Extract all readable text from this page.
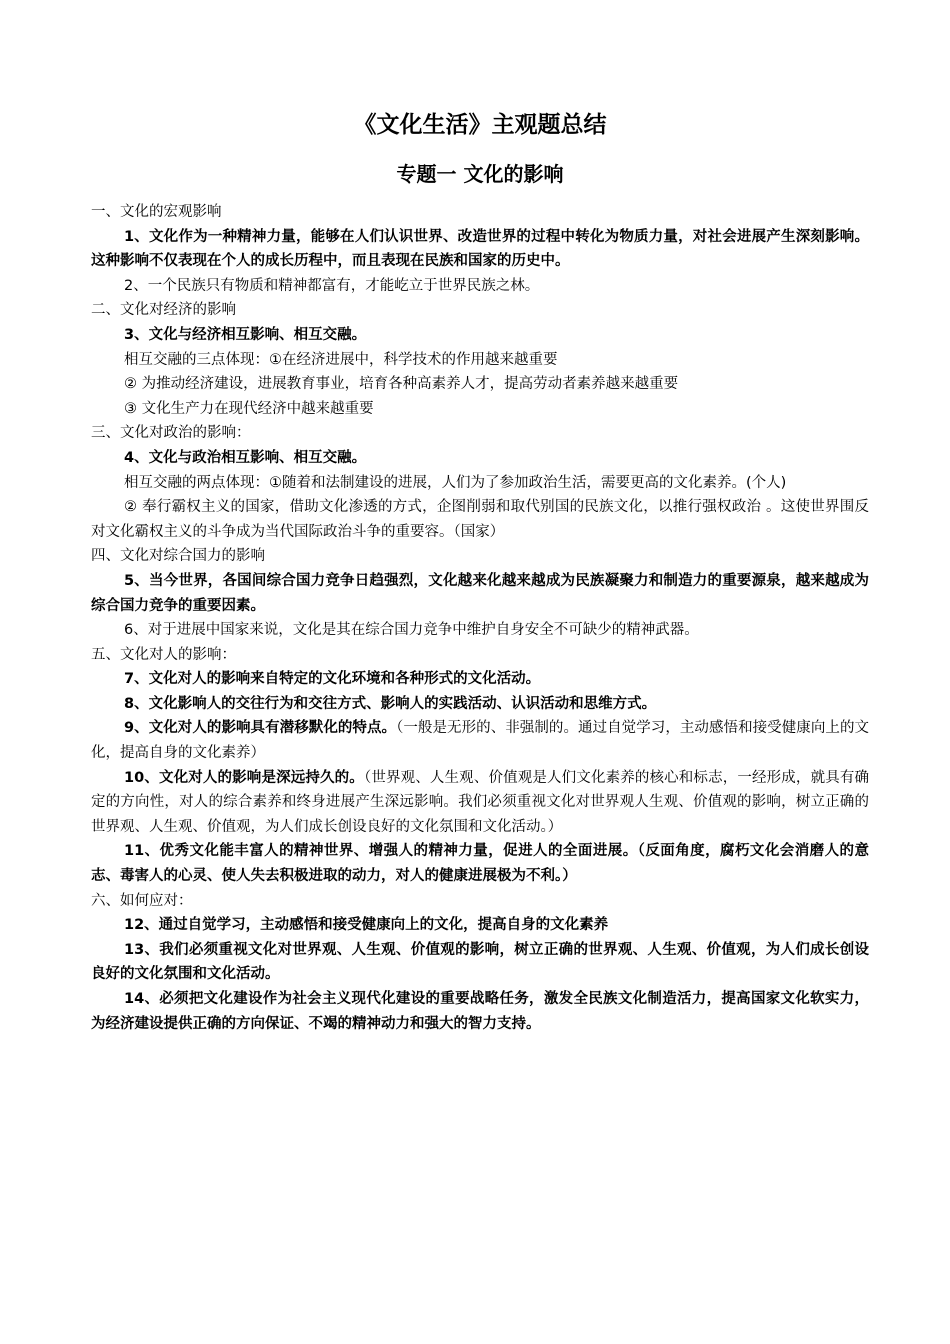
《文化生活》主观题总结
专题一 文化的影响

一、文化的宏观影响

1、文化作为一种精神力量，能够在人们认识世界、改造世界的过程中转化为物质力量，对社会进展产生深刻影响。这种影响不仅表现在个人的成长历程中，而且表现在民族和国家的历史中。

2、一个民族只有物质和精神都富有，才能屹立于世界民族之林。

二、文化对经济的影响

3、文化与经济相互影响、相互交融。

相互交融的三点体现：①在经济进展中，科学技术的作用越来越重要

② 为推动经济建设，进展教育事业，培育各种高素养人才，提高劳动者素养越来越重要

③ 文化生产力在现代经济中越来越重要

三、文化对政治的影响：

4、文化与政治相互影响、相互交融。

相互交融的两点体现：①随着和法制建设的进展，人们为了参加政治生活，需要更高的文化素养。(个人)

② 奉行霸权主义的国家，借助文化渗透的方式，企图削弱和取代别国的民族文化，以推行强权政治 。这使世界围反对文化霸权主义的斗争成为当代国际政治斗争的重要容。（国家）

四、文化对综合国力的影响

5、当今世界，各国间综合国力竞争日趋强烈，文化越来化越来越成为民族凝聚力和制造力的重要源泉，越来越成为综合国力竞争的重要因素。

6、对于进展中国家来说，文化是其在综合国力竞争中维护自身安全不可缺少的精神武器。

五、文化对人的影响：

7、文化对人的影响来自特定的文化环境和各种形式的文化活动。

8、文化影响人的交往行为和交往方式、影响人的实践活动、认识活动和思维方式。

9、文化对人的影响具有潜移默化的特点。（一般是无形的、非强制的。通过自觉学习，主动感悟和接受健康向上的文化，提高自身的文化素养）

10、文化对人的影响是深远持久的。（世界观、人生观、价值观是人们文化素养的核心和标志，一经形成，就具有确定的方向性，对人的综合素养和终身进展产生深远影响。我们必须重视文化对世界观人生观、价值观的影响，树立正确的世界观、人生观、价值观，为人们成长创设良好的文化氛围和文化活动。）

11、优秀文化能丰富人的精神世界、增强人的精神力量，促进人的全面进展。（反面角度，腐朽文化会消磨人的意志、毒害人的心灵、使人失去积极进取的动力，对人的健康进展极为不利。）

六、如何应对：

12、通过自觉学习，主动感悟和接受健康向上的文化，提高自身的文化素养

13、我们必须重视文化对世界观、人生观、价值观的影响，树立正确的世界观、人生观、价值观，为人们成长创设良好的文化氛围和文化活动。

14、必须把文化建设作为社会主义现代化建设的重要战略任务，激发全民族文化制造活力，提高国家文化软实力，为经济建设提供正确的方向保证、不竭的精神动力和强大的智力支持。
